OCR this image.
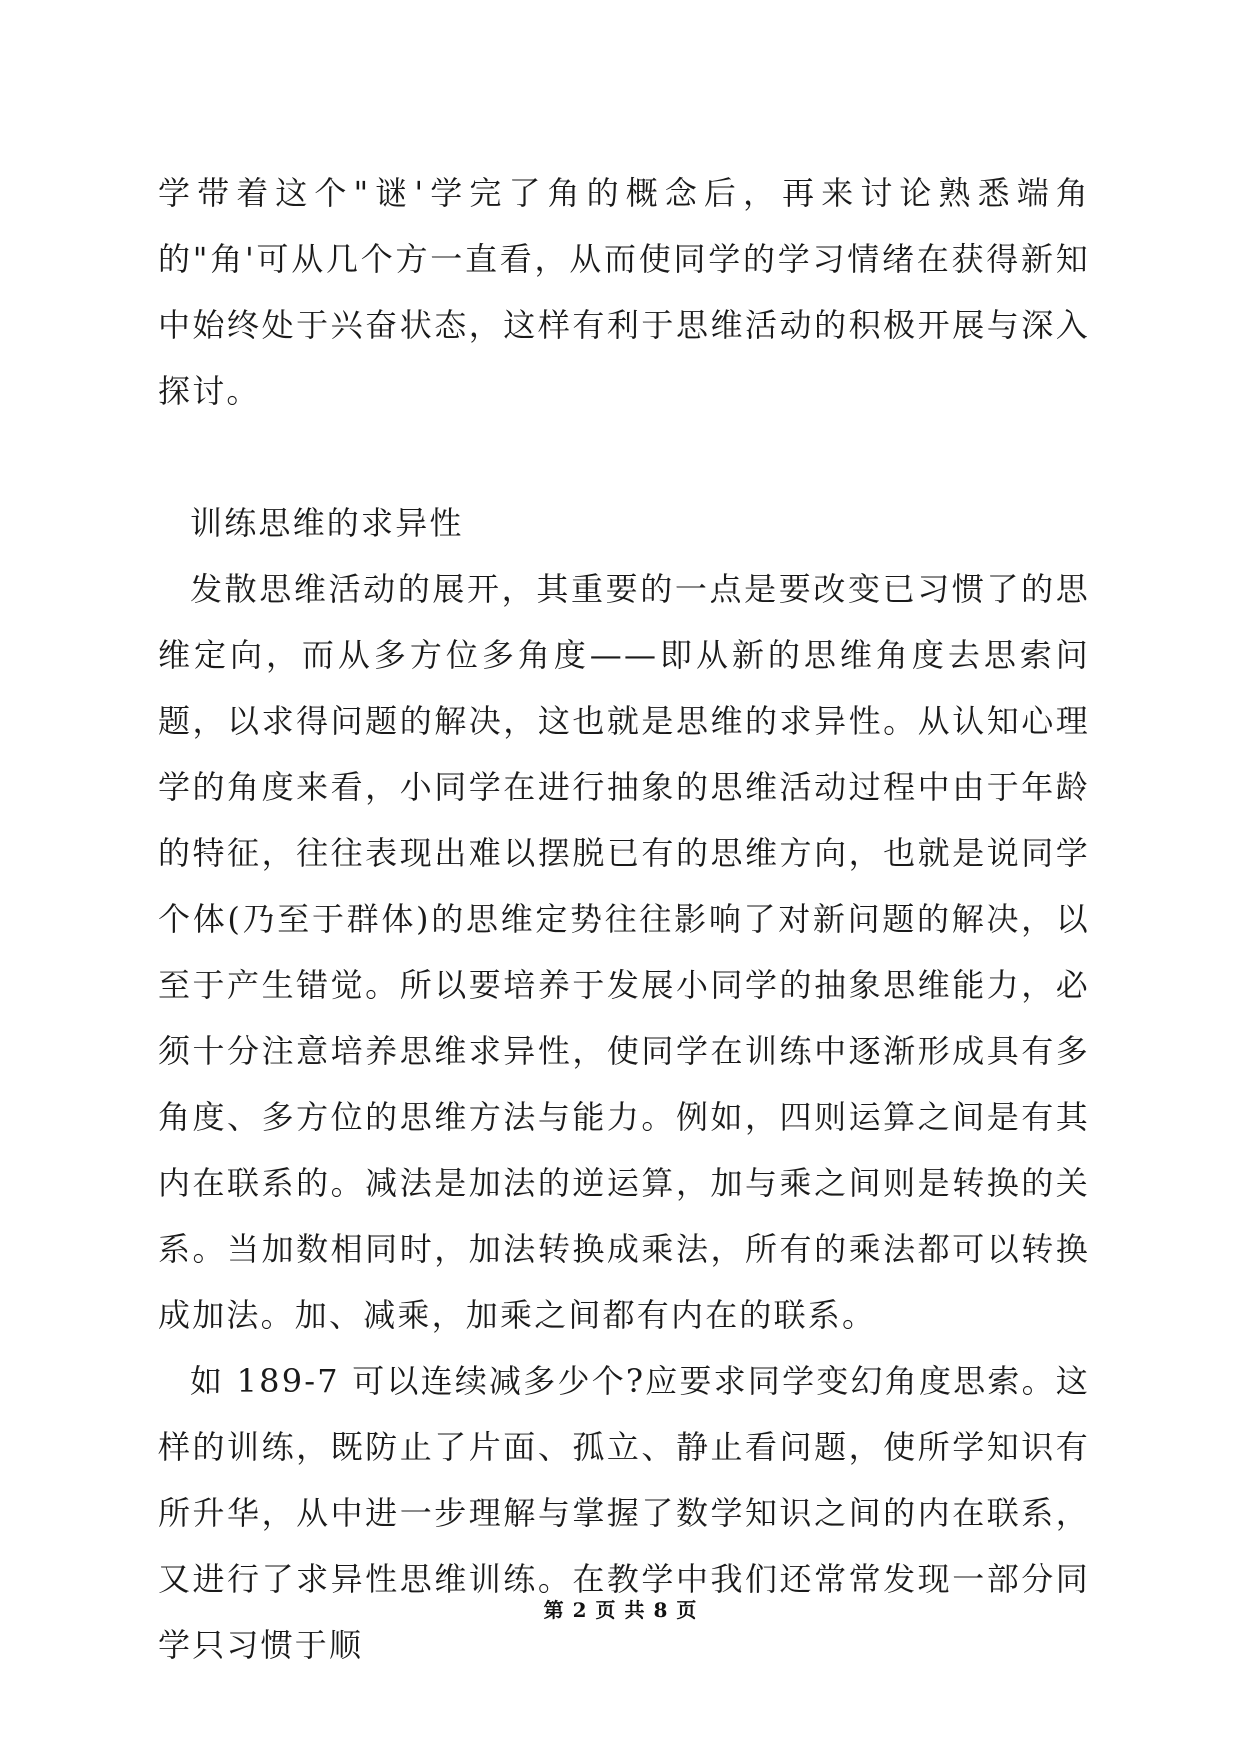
学带着这个"谜'学完了角的概念后，再来讨论熟悉端角的"角'可从几个方一直看，从而使同学的学习情绪在获得新知中始终处于兴奋状态，这样有利于思维活动的积极开展与深入探讨。

训练思维的求异性

发散思维活动的展开，其重要的一点是要改变已习惯了的思维定向，而从多方位多角度——即从新的思维角度去思索问题，以求得问题的解决，这也就是思维的求异性。从认知心理学的角度来看，小同学在进行抽象的思维活动过程中由于年龄的特征，往往表现出难以摆脱已有的思维方向，也就是说同学个体(乃至于群体)的思维定势往往影响了对新问题的解决，以至于产生错觉。所以要培养于发展小同学的抽象思维能力，必须十分注意培养思维求异性，使同学在训练中逐渐形成具有多角度、多方位的思维方法与能力。例如，四则运算之间是有其内在联系的。减法是加法的逆运算，加与乘之间则是转换的关系。当加数相同时，加法转换成乘法，所有的乘法都可以转换成加法。加、减乘，加乘之间都有内在的联系。

如 189-7 可以连续减多少个?应要求同学变幻角度思索。这样的训练，既防止了片面、孤立、静止看问题，使所学知识有所升华，从中进一步理解与掌握了数学知识之间的内在联系，又进行了求异性思维训练。在教学中我们还常常发现一部分同学只习惯于顺

第 2 页 共 8 页
